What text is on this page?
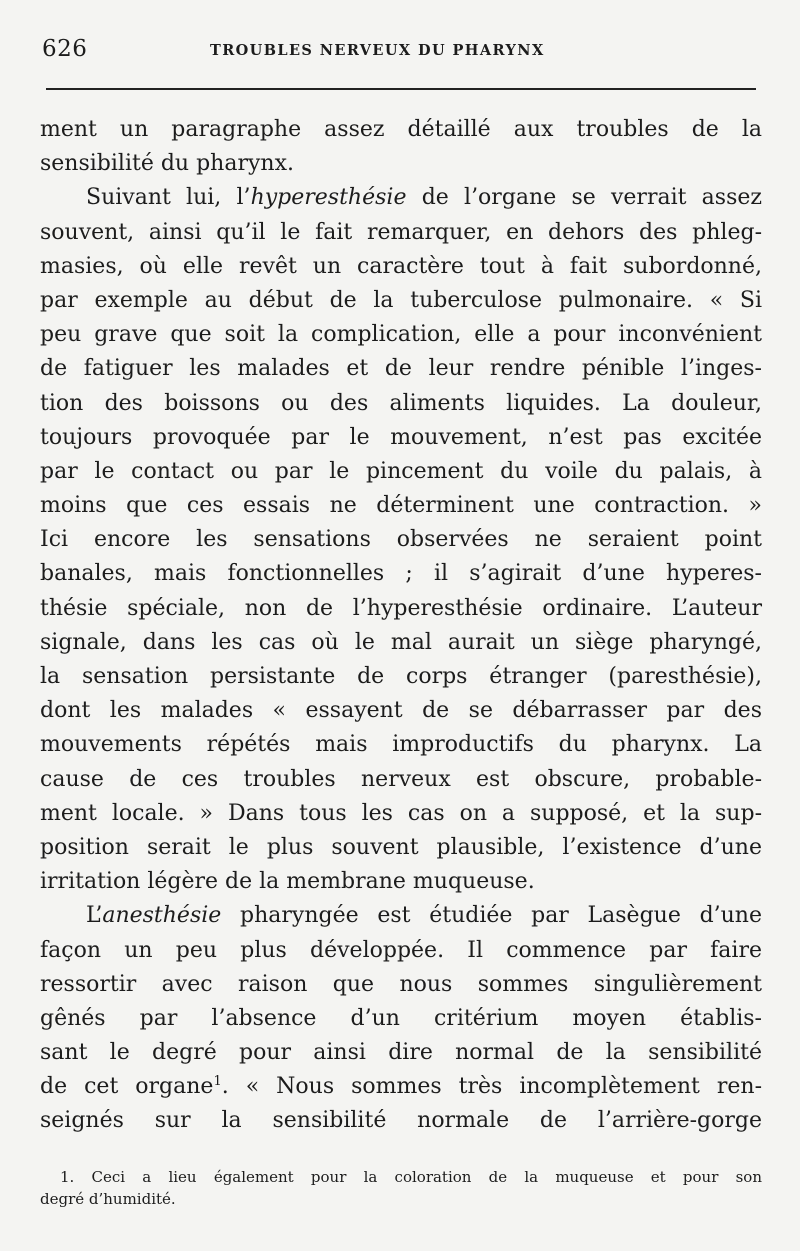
626	TROUBLES NERVEUX DU PHARYNX
ment un paragraphe assez détaillé aux troubles de la
sensibilité du pharynx.
Suivant lui, l’hyperesthésie de l’organe se verrait assez
souvent, ainsi qu’il le fait remarquer, en dehors des phleg-
masies, où elle revêt un caractère tout à fait subordonné,
par exemple au début de la tuberculose pulmonaire. « Si
peu grave que soit la complication, elle a pour inconvénient
de fatiguer les malades et de leur rendre pénible l’inges-
tion des boissons ou des aliments liquides. La douleur,
toujours provoquée par le mouvement, n’est pas excitée
par le contact ou par le pincement du voile du palais, à
moins que ces essais ne déterminent une contraction. »
Ici encore les sensations observées ne seraient point
banales, mais fonctionnelles ; il s’agirait d’une hyperes-
thésie spéciale, non de l’hyperesthésie ordinaire. L’auteur
signale, dans les cas où le mal aurait un siège pharyngé,
la sensation persistante de corps étranger (paresthésie),
dont les malades « essayent de se débarrasser par des
mouvements répétés mais improductifs du pharynx. La
cause de ces troubles nerveux est obscure, probable-
ment locale. » Dans tous les cas on a supposé, et la sup-
position serait le plus souvent plausible, l’existence d’une
irritation légère de la membrane muqueuse.
L’anesthésie pharyngée est étudiée par Lasègue d’une
façon un peu plus développée. Il commence par faire
ressortir avec raison que nous sommes singulièrement
gênés par l’absence d’un critérium moyen établis-
sant le degré pour ainsi dire normal de la sensibilité
de cet organe$^1$. « Nous sommes très incomplètement ren-
seignés sur la sensibilité normale de l’arrière-gorge
1. Ceci a lieu également pour la coloration de la muqueuse et pour son
degré d’humidité.
